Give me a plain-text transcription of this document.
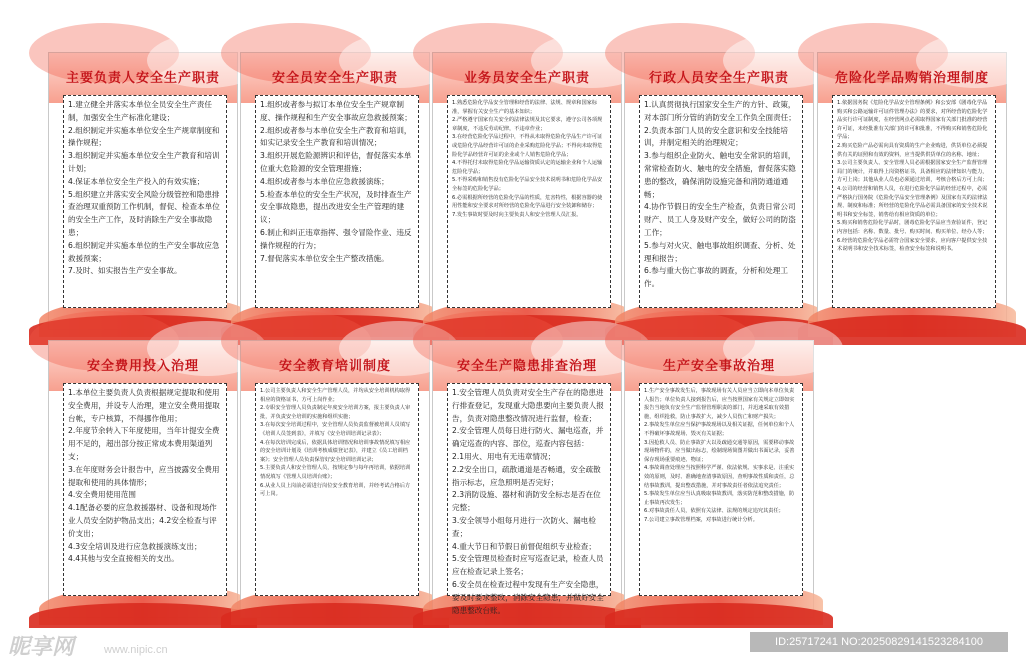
主要负责人安全生产职责

1.建立健全并落实本单位全员安全生产责任制，加强安全生产标准化建设；

2.组织制定并实施本单位安全生产规章制度和操作规程；

3.组织制定并实施本单位安全生产教育和培训计划；

4.保证本单位安全生产投入的有效实施；

5.组织建立并落实安全风险分级管控和隐患排查治理双重预防工作机制，督促、检查本单位的安全生产工作，及时消除生产安全事故隐患；

6.组织制定并实施本单位的生产安全事故应急救援预案；

7.及时、如实报告生产安全事故。

安全员安全生产职责

1.组织或者参与拟订本单位安全生产规章制度、操作规程和生产安全事故应急救援预案；

2.组织或者参与本单位安全生产教育和培训，如实记录安全生产教育和培训情况；

3.组织开展危险源辨识和评估，督促落实本单位重大危险源的安全管理措施；

4.组织或者参与本单位应急救援演练；

5.检查本单位的安全生产状况，及时排查生产安全事故隐患，提出改进安全生产管理的建议；

6.制止和纠正违章指挥、强令冒险作业、违反操作规程的行为；

7.督促落实本单位安全生产整改措施。

业务员安全生产职责

1.熟悉危险化学品安全管理和经营的法律、法规、规章和国家标准，掌握有关安全生产的基本知识；

2.严格遵守国家有关安全的法律法规及其它要求，遵守公司各项规章制度，不违反劳动纪律，不违章作业；

3.在经营危险化学品过程中，不得从未取得危险化学品生产许可证或危险化学品经营许可证的企业采购危险化学品；不得向未取得危险化学品经营许可证的企业或个人销售危险化学品；

4.不得托付未取得危险化学品运输资质认定的运输企业和个人运输危险化学品；

5.不得采购和销售没有危险化学品安全技术说明书和危险化学品安全标签的危险化学品；

6.必需根据所经营的危险化学品的性质，危害特性，根据容器的使用性能和安全要求对所经营的危险化学品进行安全装卸和储存；

7.发生事故时要及时向主要负责人和安全管理人员汇报。

行政人员安全生产职责

1.认真贯彻执行国家安全生产的方针、政策，对本部门所分管的消防安全工作负全面责任；

2.负责本部门人员的安全意识和安全技能培训，并制定相关的治理规定；

3.参与组织企业防火、触电安全常识的培训，常常检查防火、触电的安全措施，督促落实隐患的整改，确保消防设施完备和消防通道通畅；

4.协作节假日的安全生产检查，负责日常公司财产、员工人身及财产安全，做好公司的防盗工作；

5.参与对火灾、触电事故组织调查、分析、处理和报告；

6.参与重大伤亡事故的调查，分析和处理工作。

危险化学品购销治理制度

1.依据国务院《危险化学品安全管理条例》和公安部《剧毒化学品购买和公路运输许可证件管理办法》的要求，对所经营的危险化学品实行许可证制度，在经营网点必需取得国家有关部门批准的经营许可证，未经批准有关部门的许可和批准，不得购买和销售危险化学品；

2.购买危险产品必需向具有资质的生产企业购进，供货单位必须提供有关的证照和有效的资料，应当提供供货单位的名称、地址；

3.公司主要负责人、安全管理人员必需根据国家安全生产监督管理局门的统计，并取得上岗资格证书，具备相应的法律知识与能力，方可上岗；其他从业人员也必须通过培训，考核合格后方可上岗；

4.公司的经营和销售人员，在进行危险化学品的经营过程中，必需严格执行国务院《危险化学品安全管理条例》及国家有关的法律法规、制度和标准；所经营的危险化学品必需具备国家的安全技术说明书和安全标签，销售给有相应资质的单位；

5.购买和销售危险化学品时，剧毒危险化学品应当查验证件，登记内容包括：名称、数量、批号、购买时间、购买单位、经办人等；

6.经营的危险化学品必需符合国家安全要求，应向客户提供安全技术说明书和安全技术标签，检查安全标签和说明书。

安全费用投入治理

1.本单位主要负责人负责根据规定提取和使用安全费用，并设专人治理，建立安全费用提取台帐，专户核算，不得挪作他用；

2.年度节余转入下年度使用，当年计提安全费用不足的，超出部分按正常成本费用渠道列支；

3.在年度财务会计报告中，应当披露安全费用提取和使用的具体情形；

4.安全费用使用范围

4.1配备必要的应急救援器材、设备和现场作业人员安全防护物品支出；4.2安全检查与评价支出；

4.3安全培训及进行应急救援演练支出；

4.4其他与安全直接相关的支出。

安全教育培训制度

1.公司主要负责人和安全生产管理人员，并均从安全培训机构取得相应的资格证书，方可上岗作业；

2.专职安全管理人员负责制定年度安全培训方案，报主要负责人审批，并负责安全培训的实施和组织实施；

3.在每次安全培训过程中，安全管理人员负责监督被培训人员填写《培训人员签到表》，并填写《安全培训培训记录表》；

4.在每次培训完成后，依据具体培训情况和培训事故情况填写相应的安全培训计划及《培训考核成绩登记表》，并建立《员工培训档案》；安全管理人员负责保管好安全培训培训记录；

5.主要负责人和安全管理人员，按规定参与每年再培训，依据培训情况填写《管理人员培训台账》；

6.从业人员上岗前必需进行岗位安全教育培训，并经考试合格后方可上岗。

安全生产隐患排查治理

1.安全管理人员负责对安全生产存在的隐患进行排查登记，发现重大隐患要向主要负责人报告，负责对隐患整改情况进行监督，检查；

2.安全管理人员每日进行防火、漏电巡查，并确定巡查的内容、部位，巡查内容包括：

2.1用火、用电有无违章情况；

2.2安全出口，疏散通道是否畅通，安全疏散指示标志，应急照明是否完好；

2.3消防设施、器材和消防安全标志是否在位完整；

3.安全领导小组每月进行一次防火、漏电检查；

4.重大节日和节假日前督促组织专业检查；

5.安全管理员检查时应写巡查记录，检查人员应在检查记录上签名；

6.安全员在检查过程中发现有生产安全隐患，要及时要求整改，消除安全隐患，并做好安全隐患整改台账。

生产安全事故治理

1.生产安全事故发生后，事故现场有关人员应当立即向本单位负责人报告；单位负责人接到报告后，应当按照国家有关规定立即如实报告当地负有安全生产监督管理职责的部门，并迅速采取有效措施，组织抢救，防止事故扩大，减少人员伤亡和财产损失；

2.事故发生单位应当保护事故现场以及相关证据，任何单位和个人不得破坏事故现场、毁灭有关证据；

3.因抢救人员、防止事故扩大以及疏通交通等原因，需要移动事故现场物件的，应当做出标志，绘制现场简图并做出书面记录，妥善保存现场重要痕迹、物证；

4.事故调查处理应当按照科学严谨、依法依规、实事求是、注重实效的原则，及时、准确地查清事故原因，查明事故性质和责任，总结事故教训，提出整改措施，并对事故责任者依法追究责任；

5.事故发生单位应当认真吸取事故教训，落实防范和整改措施，防止事故再次发生；

6.对事故责任人员，依照有关法律、法规的规定追究其责任；

7.公司建立事故管理档案，对事故进行统计分析。

昵享网	www.nipic.cn
ID:25717241 NO:20250829141523284100
